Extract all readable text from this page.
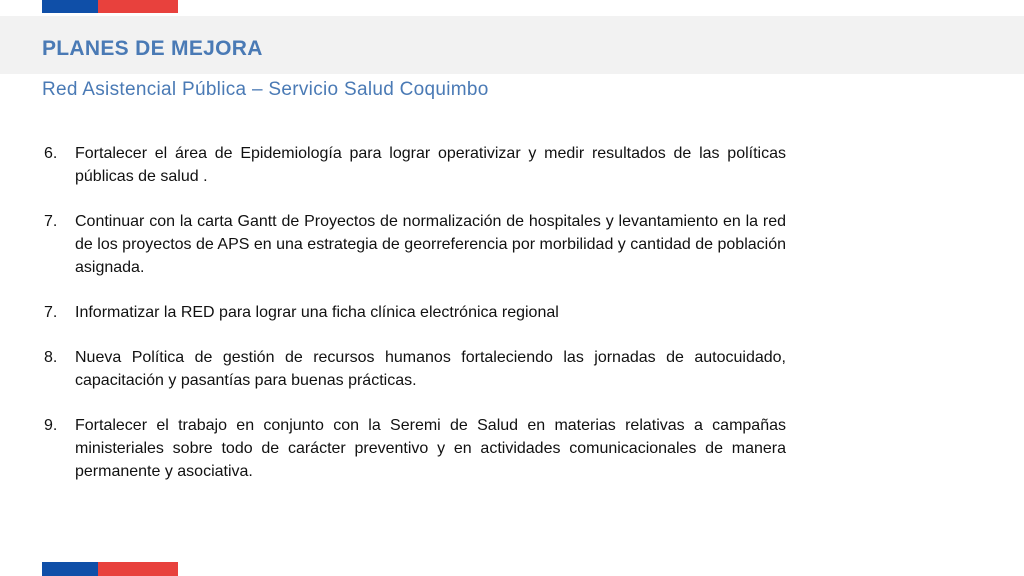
PLANES DE MEJORA

Red Asistencial Pública – Servicio Salud Coquimbo

6.	Fortalecer el área de Epidemiología para lograr operativizar y medir resultados de las políticas públicas de salud .
7.	Continuar con la carta Gantt de Proyectos de normalización de hospitales y levantamiento en la red de los proyectos de APS en una estrategia de georreferencia por morbilidad y cantidad de población asignada.
7.	Informatizar la RED para lograr una ficha clínica electrónica regional
8.	Nueva Política de gestión de recursos humanos fortaleciendo las jornadas de autocuidado, capacitación y pasantías para buenas prácticas.
9.	Fortalecer el trabajo en conjunto con la Seremi de Salud en materias relativas a campañas ministeriales sobre todo de carácter preventivo y en actividades comunicacionales de manera permanente y asociativa.
